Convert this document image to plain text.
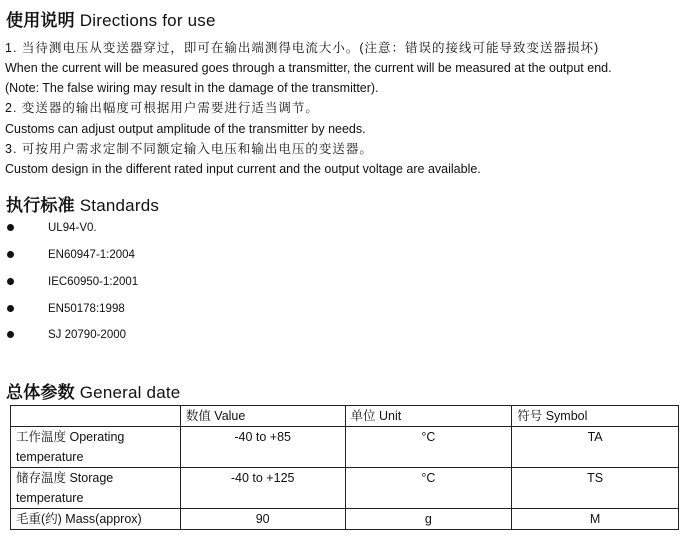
使用说明 Directions for use
1. 当待测电压从变送器穿过，即可在输出端测得电流大小。(注意：错误的接线可能导致变送器损坏)
When the current will be measured goes through a transmitter, the current will be measured at the output end.
(Note: The false wiring may result in the damage of the transmitter).
2. 变送器的输出幅度可根据用户需要进行适当调节。
Customs can adjust output amplitude of the transmitter by needs.
3. 可按用户需求定制不同额定输入电压和输出电压的变送器。
Custom design in the different rated input current and the output voltage are available.
执行标准 Standards
UL94-V0.
EN60947-1:2004
IEC60950-1:2001
EN50178:1998
SJ 20790-2000
总体参数 General date
	数值 Value	单位 Unit	符号 Symbol

工作温度 Operating
temperature	-40 to +85	°C	TA

储存温度 Storage
temperature	-40 to +125	°C	TS
毛重(约) Mass(approx)	90	g	M
